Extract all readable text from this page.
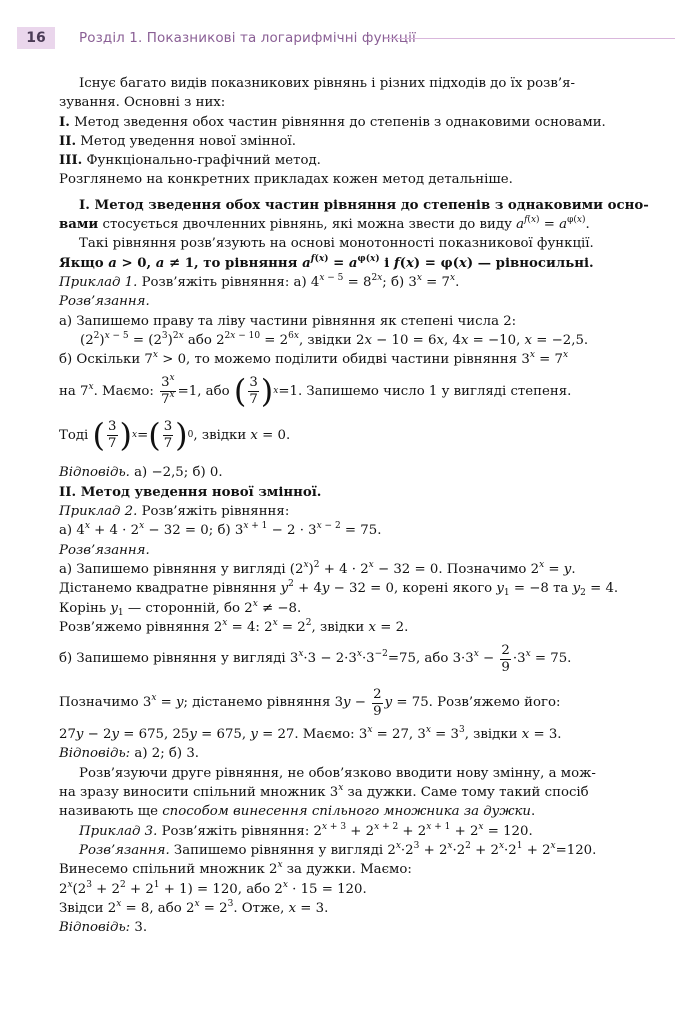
16	Розділ 1. Показникові та логарифмічні функції

Існує багато видів показникових рівнянь і різних підходів до їх розв’я-

зування. Основні з них:

I. Метод зведення обох частин рівняння до степенів з однаковими основами.

II. Метод уведення нової змінної.

III. Функціонально-графічний метод.

Розглянемо на конкретних прикладах кожен метод детальніше.

I. Метод зведення обох частин рівняння до степенів з однаковими осно-

вами стосується двочленних рівнянь, які можна звести до виду $a^{f(x)} = a^{\varphi(x)}$.

Такі рівняння розв’язують на основі монотонності показникової функції.

Якщо a > 0, a ≠ 1, то рівняння $a^{f(x)} = a^{\varphi(x)}$ і f(x) = φ(x) — рівносильні.

Приклад 1. Розв’яжіть рівняння: а) $4^{x - 5} = 8^{2x}$; б) $3^x = 7^x$.

Розв’язання.

а) Запишемо праву та ліву частини рівняння як степені числа 2:

$(2^2)^{x - 5} = (2^3)^{2x}$ або $2^{2x - 10} = 2^{6x}$, звідки 2x − 10 = 6x, 4x = −10, x = −2,5.

б) Оскільки $7^x > 0$, то можемо поділити обидві частини рівняння $3^x = 7^x$

на 7$^x$. Маємо: $\frac{3^x}{7^x} =1$, або ( $\frac{3}{7}$ ) x =1. Запишемо число 1 у вигляді степеня.
Тоді ( $\frac{3}{7}$ ) x = ( $\frac{3}{7}$ ) 0 , звідки x = 0.

Відповідь. а) −2,5; б) 0.

II. Метод уведення нової змінної.

Приклад 2. Розв’яжіть рівняння:

а) $4^x + 4 \cdot 2^x - 32 = 0$; б) $3^{x + 1} - 2 \cdot 3^{x - 2} = 75$.

Розв’язання.

а) Запишемо рівняння у вигляді $(2^x)^2 + 4 \cdot 2^x - 32 = 0$. Позначимо $2^x = y$.

Дістанемо квадратне рівняння $y^2 + 4y - 32 = 0$, корені якого $y_1 = -8$ та $y_2 = 4$.

Корінь $y_1$ — сторонній, бо $2^x \ne -8$.

Розв’яжемо рівняння $2^x = 4$: $2^x = 2^2$, звідки x = 2.

б) Запишемо рівняння у вигляді $3^x\cdot 3 - 2\cdot 3^x\cdot 3^{-2}=75$, або $3\cdot 3^x - \frac{2}{9} \cdot 3^x = 75$.
Позначимо $3^x = y$; дістанемо рівняння $3y - \frac{2}{9}$ y = 75. Розв’яжемо його:

27y − 2y = 675, 25y = 675, y = 27. Маємо: $3^x = 27$, $3^x = 3^3$, звідки x = 3.

Відповідь: а) 2; б) 3.

Розв’язуючи друге рівняння, не обов’язково вводити нову змінну, а мож-

на зразу виносити спільний множник 3$^x$ за дужки. Саме тому такий спосіб

називають ще способом винесення спільного множника за дужки.

Приклад 3. Розв’яжіть рівняння: $2^{x + 3} + 2^{x + 2} + 2^{x + 1} + 2^x = 120$.

Розв’язання. Запишемо рівняння у вигляді $2^x\cdot 2^3 + 2^x\cdot 2^2 + 2^x\cdot 2^1 + 2^x=120$.

Винесемо спільний множник 2$^x$ за дужки. Маємо:

$2^x(2^3 + 2^2 + 2^1 + 1) = 120$, або $2^x \cdot 15 = 120$.

Звідси $2^x = 8$, або $2^x = 2^3$. Отже, x = 3.

Відповідь: 3.
